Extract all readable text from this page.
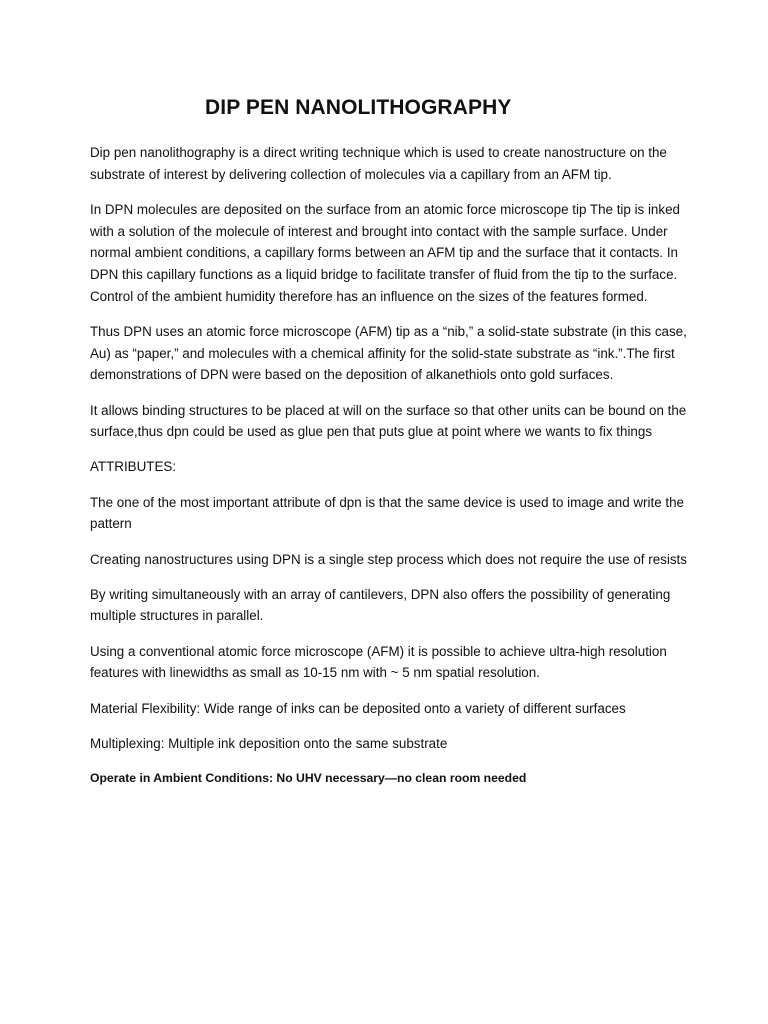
DIP PEN NANOLITHOGRAPHY

Dip pen nanolithography is a direct writing technique which is used to create nanostructure on the substrate of interest by delivering collection of molecules via a capillary from an AFM tip.

In DPN molecules are deposited on the surface from an atomic force microscope tip The tip is inked with a solution of the molecule of interest and brought into contact with the sample surface. Under normal ambient conditions, a capillary forms between an AFM tip and the surface that it contacts. In DPN this capillary functions as a liquid bridge to facilitate transfer of fluid from the tip to the surface. Control of the ambient humidity therefore has an influence on the sizes of the features formed.

Thus DPN uses an atomic force microscope (AFM) tip as a “nib,” a solid-state substrate (in this case, Au) as “paper,” and molecules with a chemical affinity for the solid-state substrate as “ink.”.The first demonstrations of DPN were based on the deposition of alkanethiols onto gold surfaces.

It allows binding structures to be placed at will on the surface so that other units can be bound on the surface,thus dpn could be used as glue pen that puts glue at point where we wants to fix things

ATTRIBUTES:

The one of the most important attribute of dpn is that the same device is used to image and write the pattern

Creating nanostructures using DPN is a single step process which does not require the use of resists

By writing simultaneously with an array of cantilevers, DPN also offers the possibility of generating multiple structures in parallel.

Using a conventional atomic force microscope (AFM) it is possible to achieve ultra-high resolution features with linewidths as small as 10-15 nm with ~ 5 nm spatial resolution.

Material Flexibility: Wide range of inks can be deposited onto a variety of different surfaces

Multiplexing: Multiple ink deposition onto the same substrate

Operate in Ambient Conditions: No UHV necessary—no clean room needed
